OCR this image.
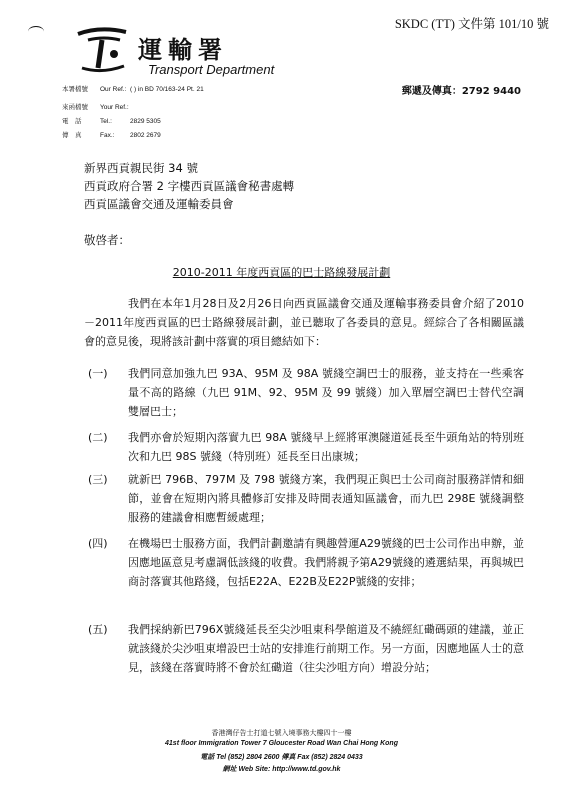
SKDC (TT) 文件第 101/10 號
運輸署
Transport Department
本署檔號 Our Ref.: ( ) in BD 70/163-24 Pt. 21
來函檔號 Your Ref.:
電　話	Tel.:	2829 5305
傳　真	Fax.: 2802 2679
郵遞及傳真：2792 9440
新界西貢親民街 34 號
西貢政府合署 2 字樓西貢區議會秘書處轉
西貢區議會交通及運輸委員會
敬啓者：
2010-2011 年度西貢區的巴士路線發展計劃
我們在本年1月28日及2月26日向西貢區議會交通及運輸事務委員會介紹了2010－2011年度西貢區的巴士路線發展計劃，並已聽取了各委員的意見。經綜合了各相關區議會的意見後，現將該計劃中落實的項目總結如下：
(一) 我們同意加強九巴 93A、95M 及 98A 號綫空調巴士的服務，並支持在一些乘客量不高的路線（九巴 91M、92、95M 及 99 號綫）加入單層空調巴士替代空調雙層巴士；
(二) 我們亦會於短期內落實九巴 98A 號綫早上經將軍澳隧道延長至牛頭角站的特別班次和九巴 98S 號綫（特別班）延長至日出康城；
(三) 就新巴 796B、797M 及 798 號綫方案，我們現正與巴士公司商討服務詳情和細節，並會在短期內將具體修訂安排及時間表通知區議會，而九巴 298E 號綫調整服務的建議會相應暫緩處理；
(四) 在機場巴士服務方面，我們計劃邀請有興趣營運A29號綫的巴士公司作出申辦，並因應地區意見考慮調低該綫的收費。我們將親予第A29號綫的遴選結果，再與城巴商討落實其他路綫，包括E22A、E22B及E22P號綫的安排；
(五) 我們採納新巴796X號綫延長至尖沙咀東科學館道及不繞經紅磡碼頭的建議，並正就該綫於尖沙咀東增設巴士站的安排進行前期工作。另一方面，因應地區人士的意見，該綫在落實時將不會於紅磡道（往尖沙咀方向）增設分站；
香港灣仔告士打道七號入境事務大樓四十一樓
41st floor Immigration Tower 7 Gloucester Road Wan Chai Hong Kong
電話 Tel (852) 2804 2600 傳真 Fax (852) 2824 0433
網址 Web Site: http://www.td.gov.hk
